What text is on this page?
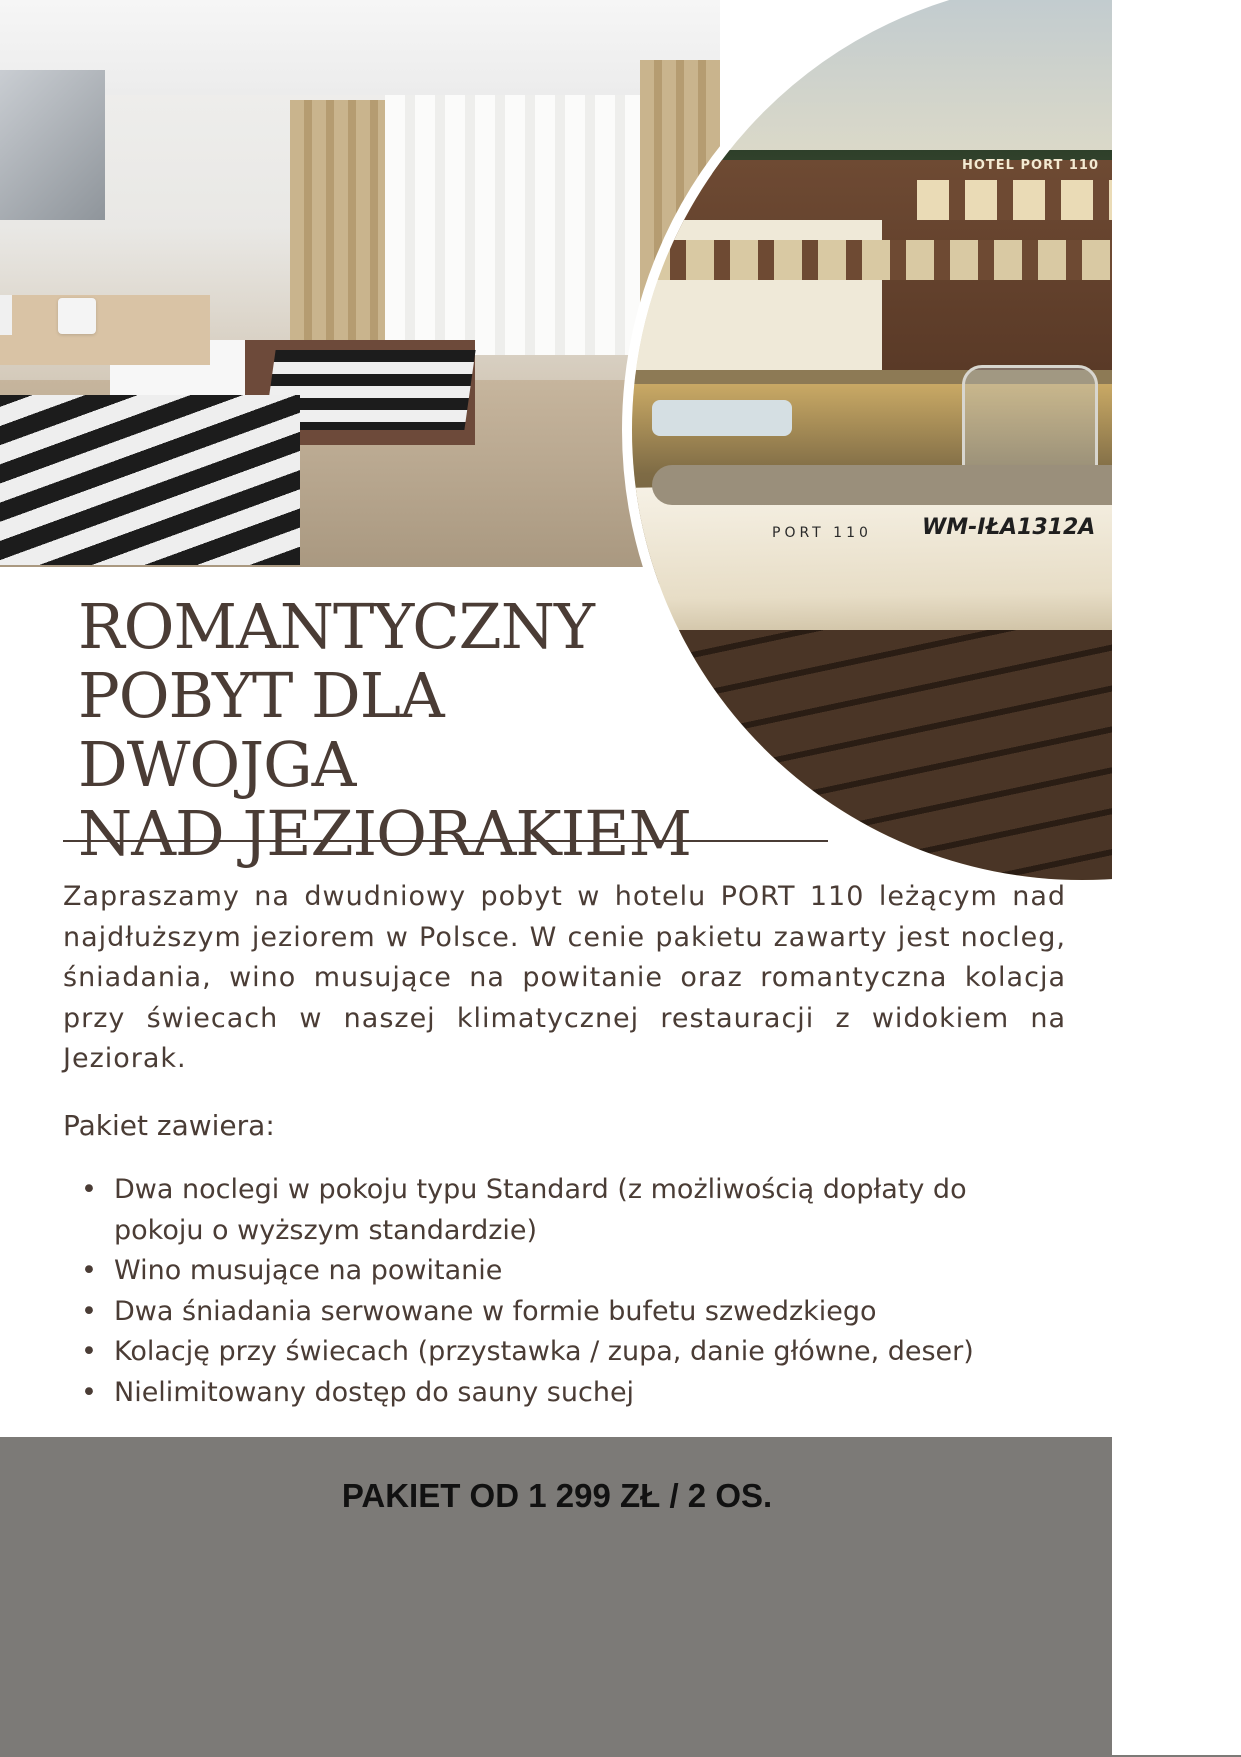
HOTEL PORT 110
PORT 110 WM-IŁA1312A
ROMANTYCZNY
POBYT DLA DWOJGA
NAD JEZIORAKIEM

Zapraszamy na dwudniowy pobyt w hotelu PORT 110 leżącym nad najdłuższym jeziorem w Polsce. W cenie pakietu zawarty jest nocleg, śniadania, wino musujące na powitanie oraz romantyczna kolacja przy świecach w naszej klimatycznej restauracji z widokiem na Jeziorak.

Pakiet zawiera:

• Dwa noclegi w pokoju typu Standard (z możliwością dopłaty do pokoju o wyższym standardzie)
• Wino musujące na powitanie
• Dwa śniadania serwowane w formie bufetu szwedzkiego
• Kolację przy świecach (przystawka / zupa, danie główne, deser)
• Nielimitowany dostęp do sauny suchej
PAKIET OD 1 299 ZŁ / 2 OS.
